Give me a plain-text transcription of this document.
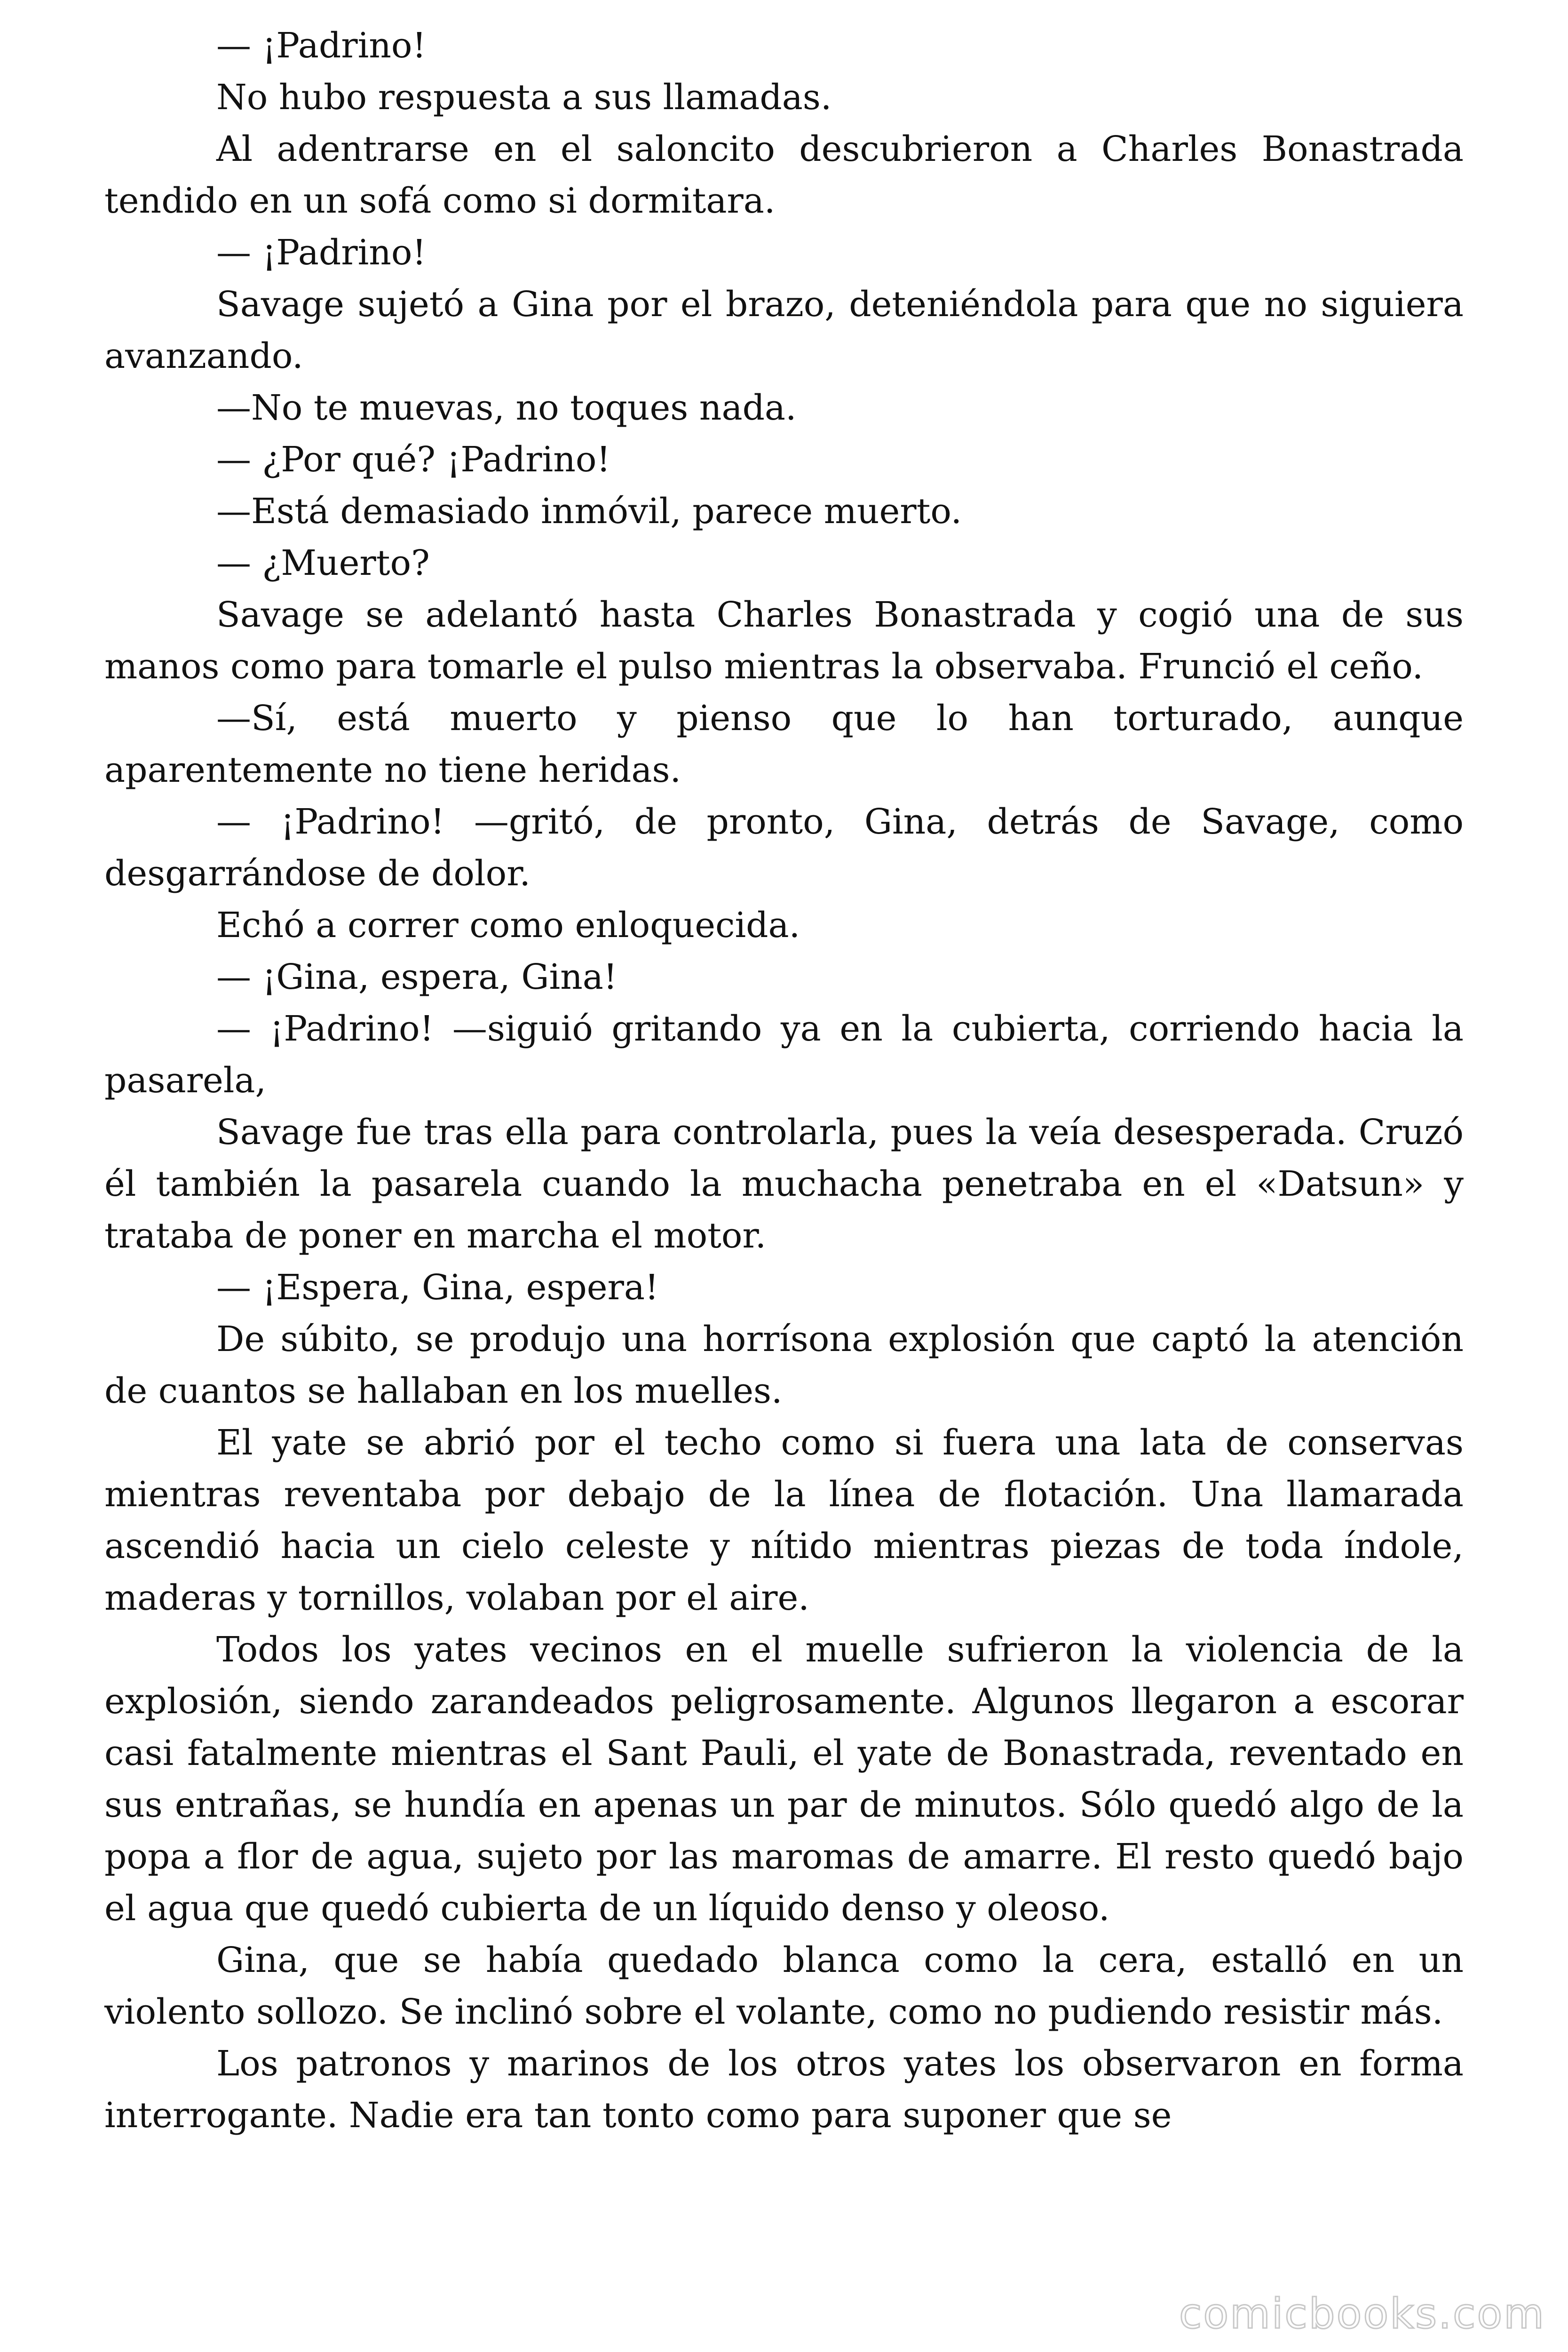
— ¡Padrino!

No hubo respuesta a sus llamadas.

Al adentrarse en el saloncito descubrieron a Charles Bonastrada tendido en un sofá como si dormitara.

— ¡Padrino!

Savage sujetó a Gina por el brazo, deteniéndola para que no siguiera avanzando.

—No te muevas, no toques nada.

— ¿Por qué? ¡Padrino!

—Está demasiado inmóvil, parece muerto.

— ¿Muerto?

Savage se adelantó hasta Charles Bonastrada y cogió una de sus manos como para tomarle el pulso mientras la observaba. Frunció el ceño.

—Sí, está muerto y pienso que lo han torturado, aunque aparentemente no tiene heridas.

— ¡Padrino! —gritó, de pronto, Gina, detrás de Savage, como desgarrándose de dolor.

Echó a correr como enloquecida.

— ¡Gina, espera, Gina!

— ¡Padrino! —siguió gritando ya en la cubierta, corriendo hacia la pasarela,

Savage fue tras ella para controlarla, pues la veía desesperada. Cruzó él también la pasarela cuando la muchacha penetraba en el «Datsun» y trataba de poner en marcha el motor.

— ¡Espera, Gina, espera!

De súbito, se produjo una horrísona explosión que captó la atención de cuantos se hallaban en los muelles.

El yate se abrió por el techo como si fuera una lata de conservas mientras reventaba por debajo de la línea de flotación. Una llamarada ascendió hacia un cielo celeste y nítido mientras piezas de toda índole, maderas y tornillos, volaban por el aire.

Todos los yates vecinos en el muelle sufrieron la violencia de la explosión, siendo zarandeados peligrosamente. Algunos llegaron a escorar casi fatalmente mientras el Sant Pauli, el yate de Bonastrada, reventado en sus entrañas, se hundía en apenas un par de minutos. Sólo quedó algo de la popa a flor de agua, sujeto por las maromas de amarre. El resto quedó bajo el agua que quedó cubierta de un líquido denso y oleoso.

Gina, que se había quedado blanca como la cera, estalló en un violento sollozo. Se inclinó sobre el volante, como no pudiendo resistir más.

Los patronos y marinos de los otros yates los observaron en forma interrogante. Nadie era tan tonto como para suponer que se

comicbooks.com
